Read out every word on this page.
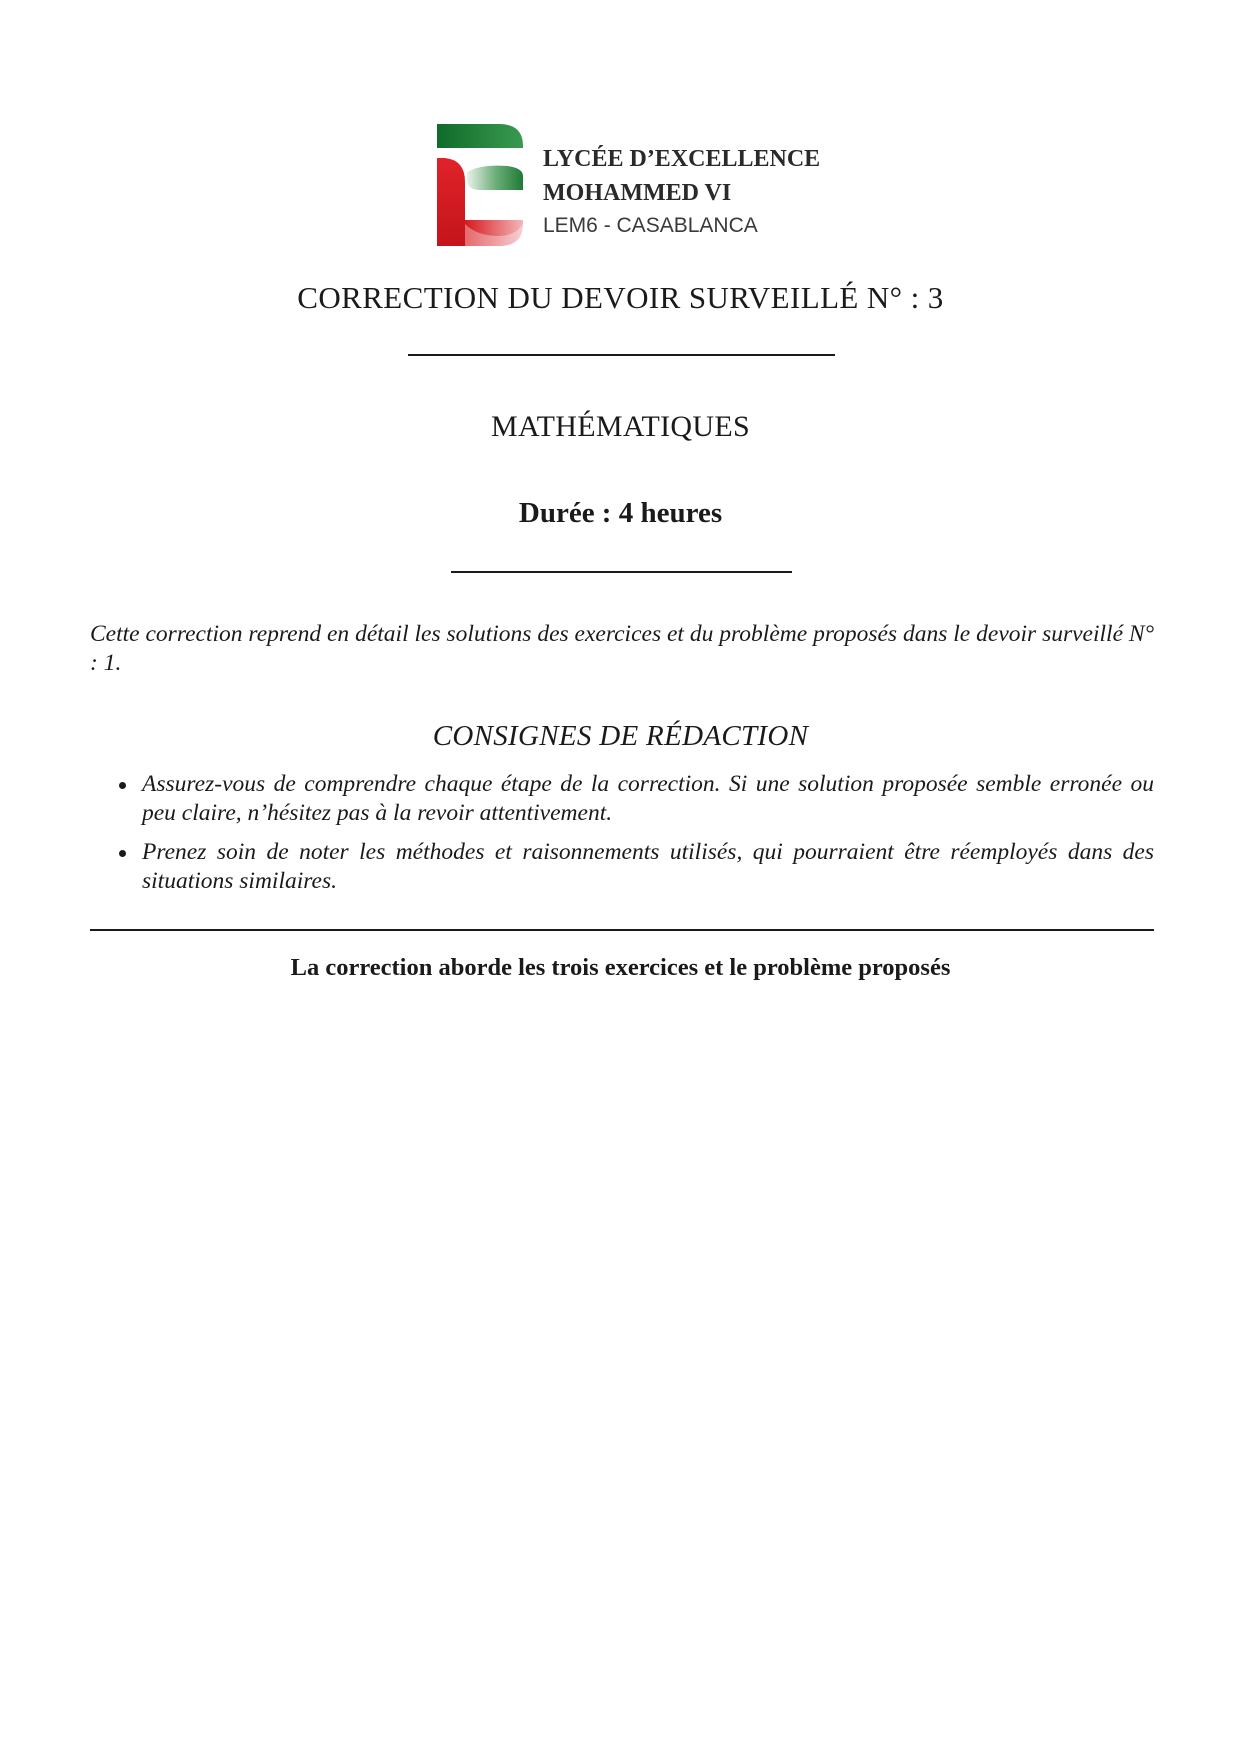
LYCÉE D’EXCELLENCE
MOHAMMED VI
LEM6 - CASABLANCA
CORRECTION DU DEVOIR SURVEILLÉ N° : 3
MATHÉMATIQUES
Durée : 4 heures

Cette correction reprend en détail les solutions des exercices et du problème proposés dans le devoir surveillé N° : 1.

CONSIGNES DE RÉDACTION
Assurez-vous de comprendre chaque étape de la correction. Si une solution proposée semble erronée ou peu claire, n’hésitez pas à la revoir attentivement.
Prenez soin de noter les méthodes et raisonnements utilisés, qui pourraient être réemployés dans des situations similaires.
La correction aborde les trois exercices et le problème proposés
